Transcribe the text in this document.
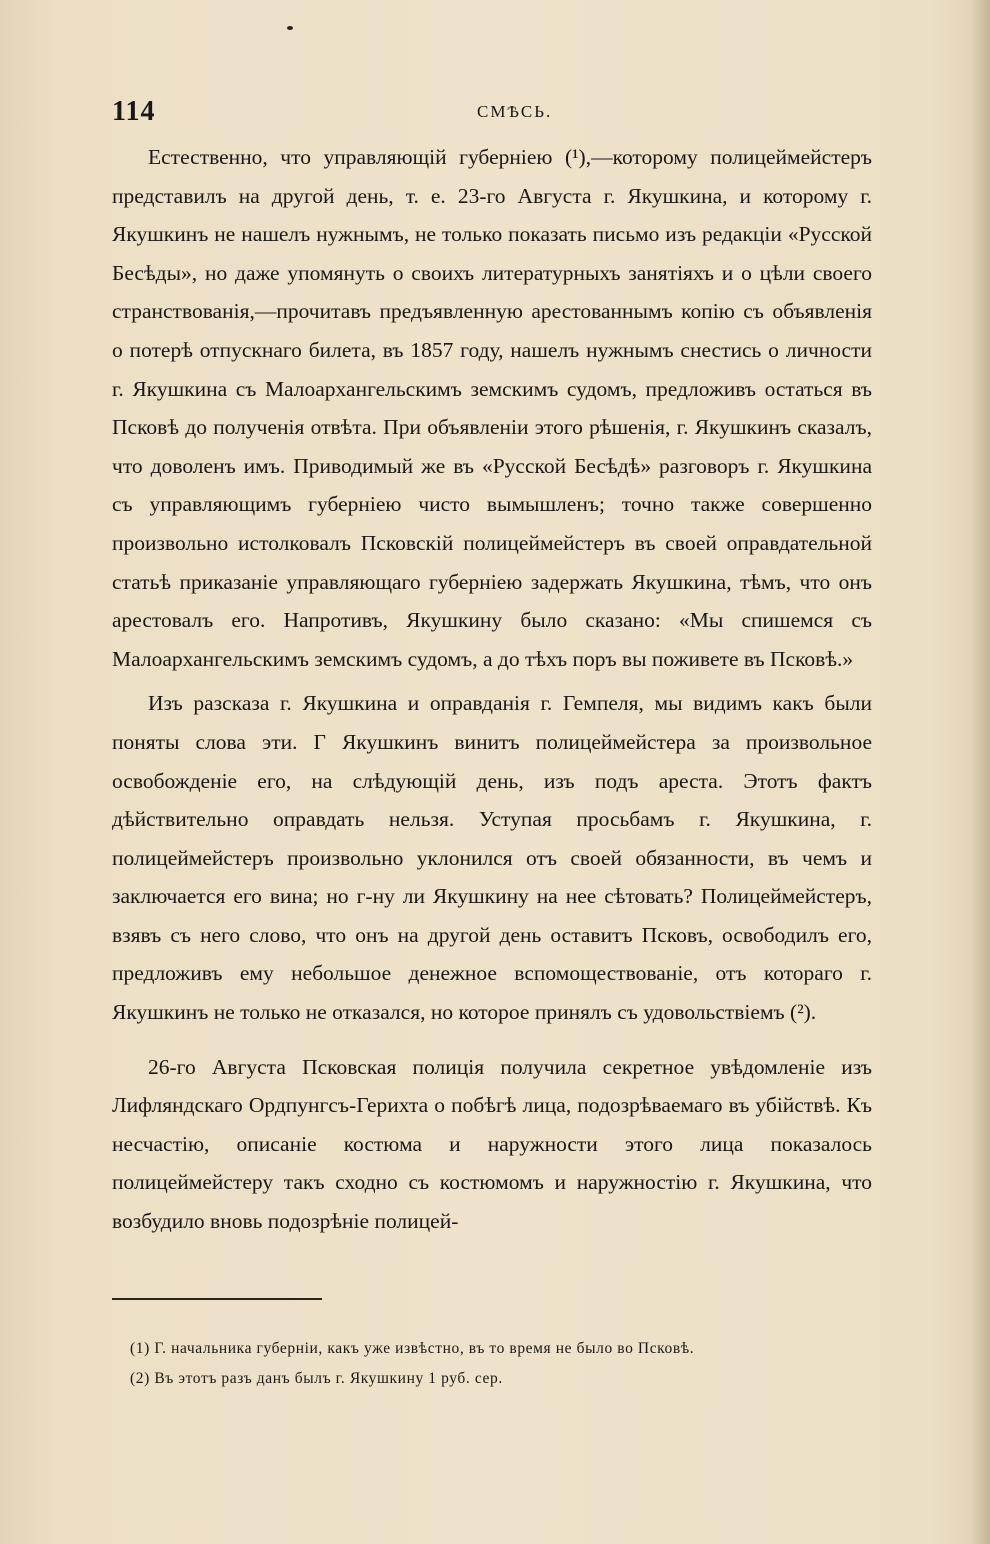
114	СМѢСЬ.

Естественно, что управляющій губерніею (¹),—которому полицеймейстеръ представилъ на другой день, т. е. 23-го Августа г. Якушкина, и которому г. Якушкинъ не нашелъ нужнымъ, не только показать письмо изъ редакціи «Русской Бесѣды», но даже упомянуть о своихъ литературныхъ занятіяхъ и о цѣли своего странствованія,—прочитавъ предъявленную арестованнымъ копію съ объявленія о потерѣ отпускнаго билета, въ 1857 году, нашелъ нужнымъ снестись о личности г. Якушкина съ Малоархангельскимъ земскимъ судомъ, предложивъ остаться въ Псковѣ до полученія отвѣта. При объявленіи этого рѣшенія, г. Якушкинъ сказалъ, что доволенъ имъ. Приводимый же въ «Русской Бесѣдѣ» разговоръ г. Якушкина съ управляющимъ губерніею чисто вымышленъ; точно также совершенно произвольно истолковалъ Псковскій полицеймейстеръ въ своей оправдательной статьѣ приказаніе управляющаго губерніею задержать Якушкина, тѣмъ, что онъ арестовалъ его. Напротивъ, Якушкину было сказано: «Мы спишемся съ Малоархангельскимъ земскимъ судомъ, а до тѣхъ поръ вы поживете въ Псковѣ.»

Изъ разсказа г. Якушкина и оправданія г. Гемпеля, мы видимъ какъ были поняты слова эти. Г Якушкинъ винитъ полицеймейстера за произвольное освобожденіе его, на слѣдующій день, изъ подъ ареста. Этотъ фактъ дѣйствительно оправдать нельзя. Уступая просьбамъ г. Якушкина, г. полицеймейстеръ произвольно уклонился отъ своей обязанности, въ чемъ и заключается его вина; но г-ну ли Якушкину на нее сѣтовать? Полицеймейстеръ, взявъ съ него слово, что онъ на другой день оставитъ Псковъ, освободилъ его, предложивъ ему небольшое денежное вспомоществованіе, отъ котораго г. Якушкинъ не только не отказался, но которое принялъ съ удовольствіемъ (²).

26-го Августа Псковская полиція получила секретное увѣдомленіе изъ Лифляндскаго Ордпунгсъ-Герихта о побѣгѣ лица, подозрѣваемаго въ убійствѣ. Къ несчастію, описаніе костюма и наружности этого лица показалось полицеймейстеру такъ сходно съ костюмомъ и наружностію г. Якушкина, что возбудило вновь подозрѣніе полицей-

(1) Г. начальника губерніи, какъ уже извѣстно, въ то время не было во Псковѣ.

(2) Въ этотъ разъ данъ былъ г. Якушкину 1 руб. сер.
